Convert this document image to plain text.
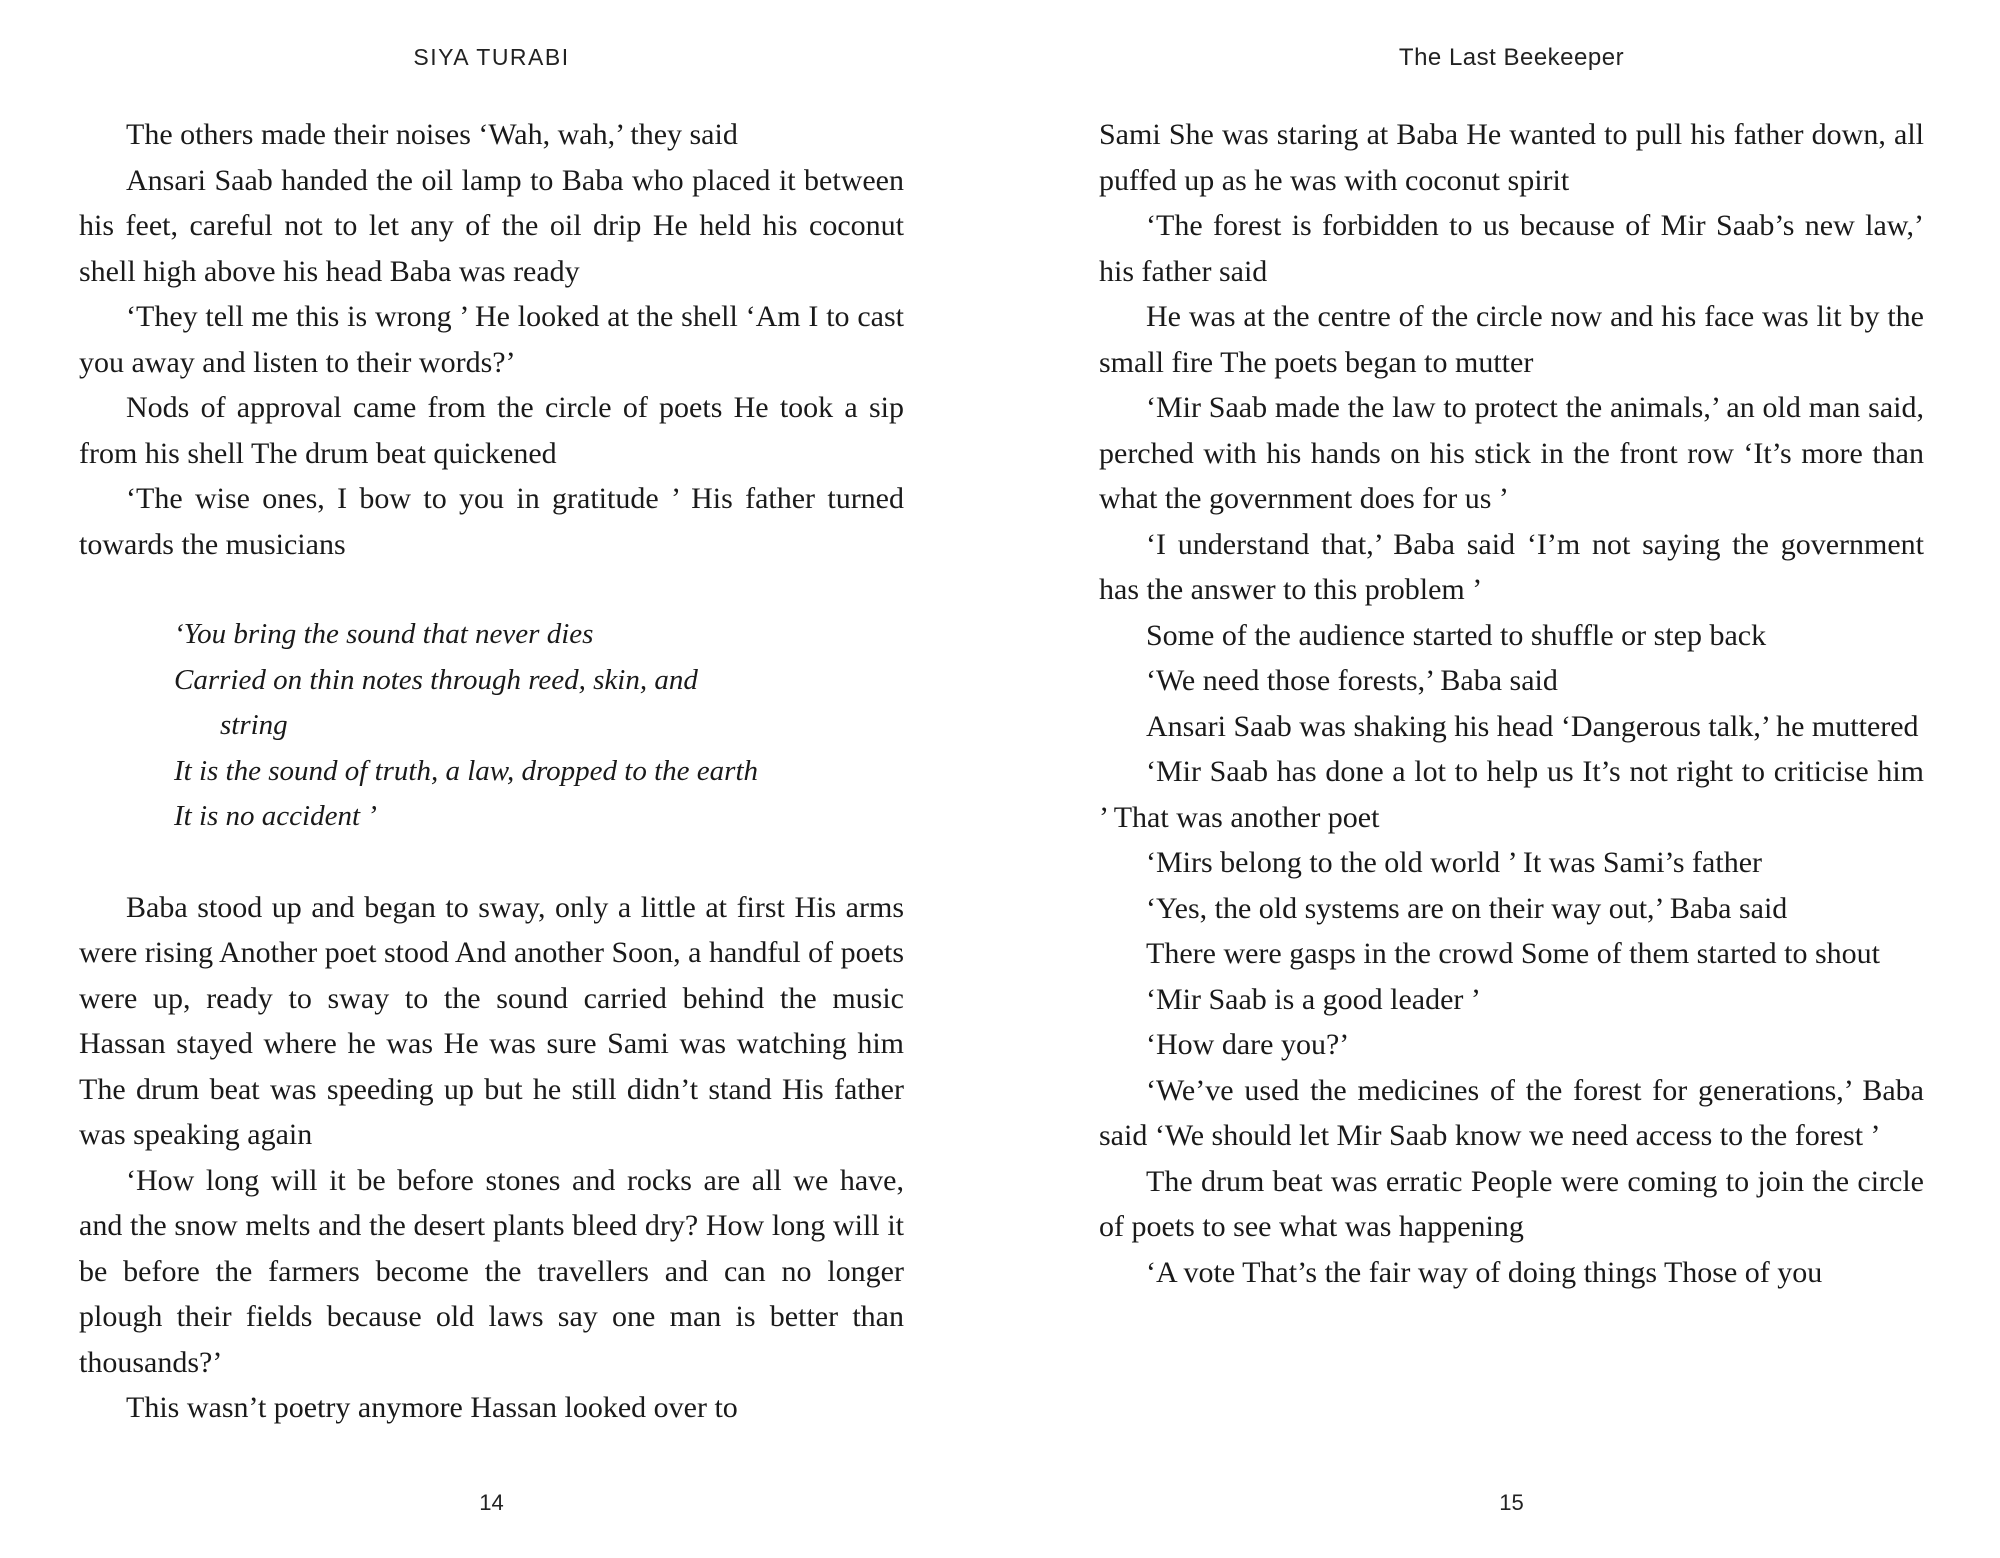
SIYA TURABI

The others made their noises ‘Wah, wah,’ they said

Ansari Saab handed the oil lamp to Baba who placed it between his feet, careful not to let any of the oil drip He held his coconut shell high above his head Baba was ready

‘They tell me this is wrong ’ He looked at the shell ‘Am I to cast you away and listen to their words?’

Nods of approval came from the circle of poets He took a sip from his shell The drum beat quickened

‘The wise ones, I bow to you in gratitude ’ His father turned towards the musicians

‘You bring the sound that never dies
Carried on thin notes through reed, skin, and
string
It is the sound of truth, a law, dropped to the earth
It is no accident ’

Baba stood up and began to sway, only a little at first His arms were rising Another poet stood And another Soon, a handful of poets were up, ready to sway to the sound carried behind the music Hassan stayed where he was He was sure Sami was watching him The drum beat was speeding up but he still didn’t stand His father was speaking again

‘How long will it be before stones and rocks are all we have, and the snow melts and the desert plants bleed dry? How long will it be before the farmers become the travellers and can no longer plough their fields because old laws say one man is better than thousands?’

This wasn’t poetry anymore Hassan looked over to

14
The Last Beekeeper

Sami She was staring at Baba He wanted to pull his father down, all puffed up as he was with coconut spirit

‘The forest is forbidden to us because of Mir Saab’s new law,’ his father said

He was at the centre of the circle now and his face was lit by the small fire The poets began to mutter

‘Mir Saab made the law to protect the animals,’ an old man said, perched with his hands on his stick in the front row ‘It’s more than what the government does for us ’

‘I understand that,’ Baba said ‘I’m not saying the government has the answer to this problem ’

Some of the audience started to shuffle or step back

‘We need those forests,’ Baba said

Ansari Saab was shaking his head ‘Dangerous talk,’ he muttered

‘Mir Saab has done a lot to help us It’s not right to criticise him ’ That was another poet

‘Mirs belong to the old world ’ It was Sami’s father

‘Yes, the old systems are on their way out,’ Baba said

There were gasps in the crowd Some of them started to shout

‘Mir Saab is a good leader ’

‘How dare you?’

‘We’ve used the medicines of the forest for generations,’ Baba said ‘We should let Mir Saab know we need access to the forest ’

The drum beat was erratic People were coming to join the circle of poets to see what was happening

‘A vote That’s the fair way of doing things Those of you

15
